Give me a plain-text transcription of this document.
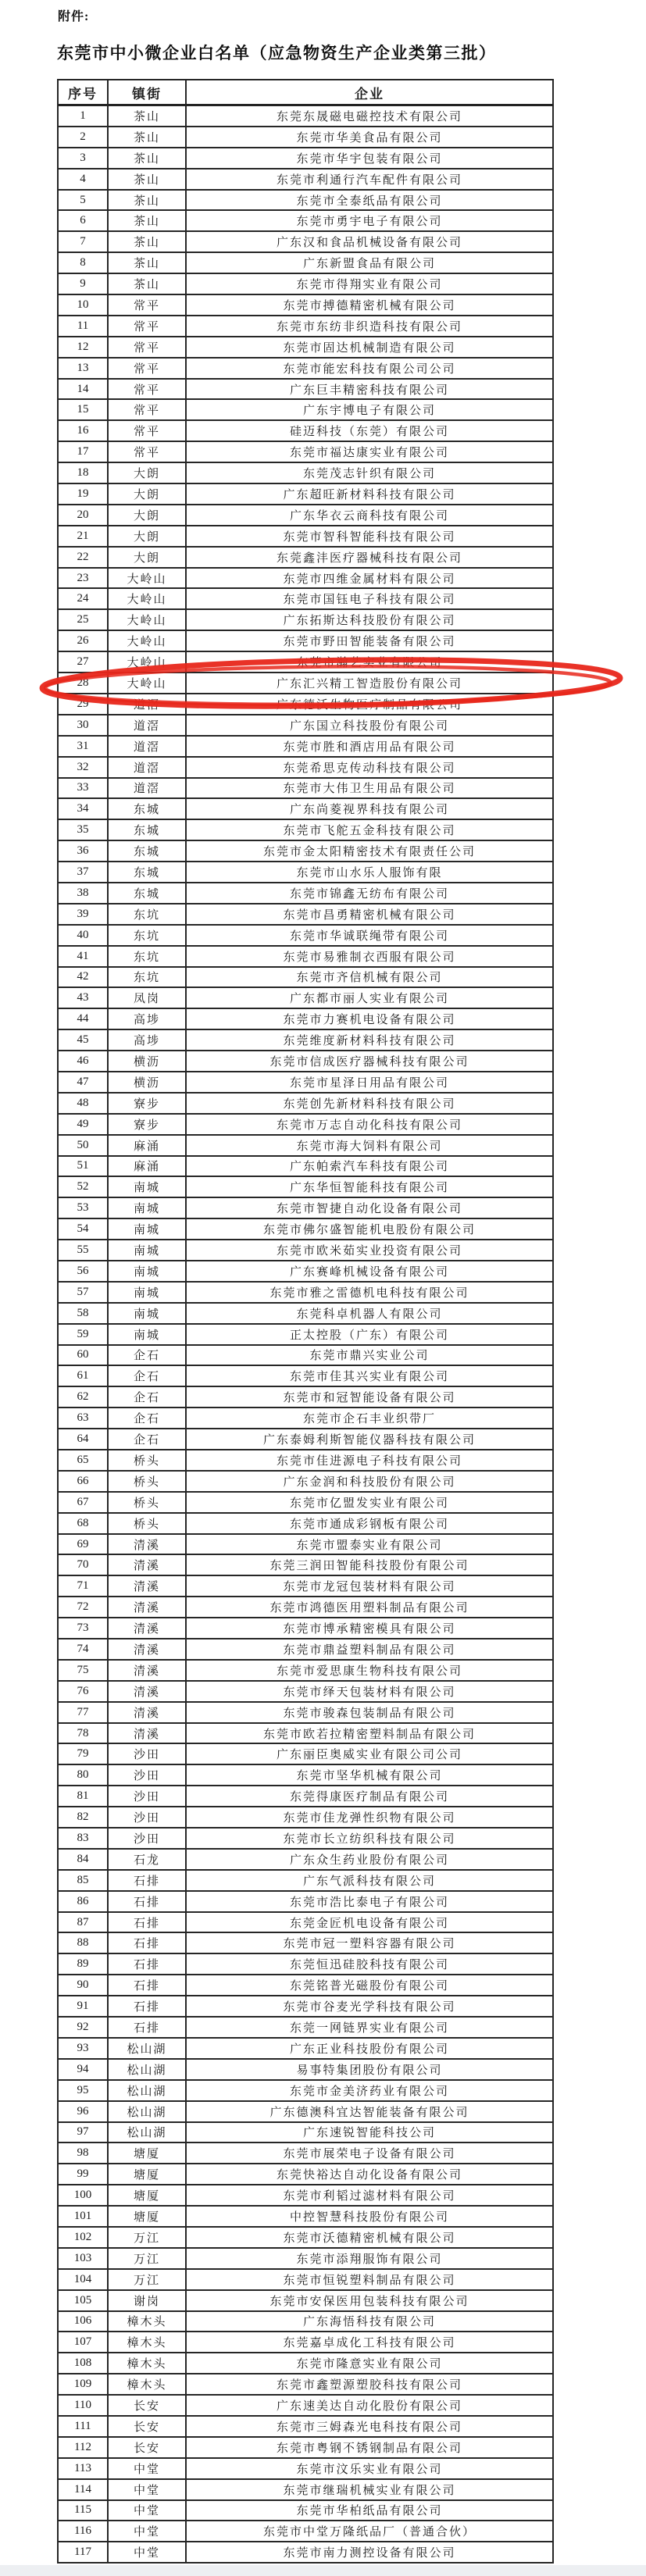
附件:
东莞市中小微企业白名单（应急物资生产企业类第三批）
序号	镇街	企业
1	茶山	东莞东晟磁电磁控技术有限公司
2	茶山	东莞市华美食品有限公司
3	茶山	东莞市华宇包装有限公司
4	茶山	东莞市利通行汽车配件有限公司
5	茶山	东莞市全泰纸品有限公司
6	茶山	东莞市勇宇电子有限公司
7	茶山	广东汉和食品机械设备有限公司
8	茶山	广东新盟食品有限公司
9	茶山	东莞市得翔实业有限公司
10	常平	东莞市搏德精密机械有限公司
11	常平	东莞市东纺非织造科技有限公司
12	常平	东莞市固达机械制造有限公司
13	常平	东莞市能宏科技有限公司公司
14	常平	广东巨丰精密科技有限公司
15	常平	广东宇博电子有限公司
16	常平	硅迈科技（东莞）有限公司
17	常平	东莞市福达康实业有限公司
18	大朗	东莞茂志针织有限公司
19	大朗	广东超旺新材料科技有限公司
20	大朗	广东华衣云商科技有限公司
21	大朗	东莞市智科智能科技有限公司
22	大朗	东莞鑫沣医疗器械科技有限公司
23	大岭山	东莞市四维金属材料有限公司
24	大岭山	东莞市国钰电子科技有限公司
25	大岭山	广东拓斯达科技股份有限公司
26	大岭山	东莞市野田智能装备有限公司
27	大岭山	东莞市瀚艺实业有限公司
28	大岭山	广东汇兴精工智造股份有限公司
29	道滘	广东德沃生物医疗制品有限公司
30	道滘	广东国立科技股份有限公司
31	道滘	东莞市胜和酒店用品有限公司
32	道滘	东莞希思克传动科技有限公司
33	道滘	东莞市大伟卫生用品有限公司
34	东城	广东尚菱视界科技有限公司
35	东城	东莞市飞舵五金科技有限公司
36	东城	东莞市金太阳精密技术有限责任公司
37	东城	东莞市山水乐人服饰有限
38	东城	东莞市锦鑫无纺布有限公司
39	东坑	东莞市昌勇精密机械有限公司
40	东坑	东莞市华诚联绳带有限公司
41	东坑	东莞市易雅制衣西服有限公司
42	东坑	东莞市齐信机械有限公司
43	凤岗	广东都市丽人实业有限公司
44	高埗	东莞市力赛机电设备有限公司
45	高埗	东莞维度新材料科技有限公司
46	横沥	东莞市信成医疗器械科技有限公司
47	横沥	东莞市星泽日用品有限公司
48	寮步	东莞创先新材料科技有限公司
49	寮步	东莞市万志自动化科技有限公司
50	麻涌	东莞市海大饲料有限公司
51	麻涌	广东帕索汽车科技有限公司
52	南城	广东华恒智能科技有限公司
53	南城	东莞市智捷自动化设备有限公司
54	南城	东莞市佛尔盛智能机电股份有限公司
55	南城	东莞市欧米茹实业投资有限公司
56	南城	广东赛峰机械设备有限公司
57	南城	东莞市雅之雷德机电科技有限公司
58	南城	东莞科卓机器人有限公司
59	南城	正太控股（广东）有限公司
60	企石	东莞市鼎兴实业公司
61	企石	东莞市佳其兴实业有限公司
62	企石	东莞市和冠智能设备有限公司
63	企石	东莞市企石丰业织带厂
64	企石	广东泰姆利斯智能仪器科技有限公司
65	桥头	东莞市佳进源电子科技有限公司
66	桥头	广东金润和科技股份有限公司
67	桥头	东莞市亿盟发实业有限公司
68	桥头	东莞市通成彩钢板有限公司
69	清溪	东莞市盟泰实业有限公司
70	清溪	东莞三润田智能科技股份有限公司
71	清溪	东莞市龙冠包装材料有限公司
72	清溪	东莞市鸿德医用塑料制品有限公司
73	清溪	东莞市博承精密模具有限公司
74	清溪	东莞市鼎益塑料制品有限公司
75	清溪	东莞市爱思康生物科技有限公司
76	清溪	东莞市绎天包装材料有限公司
77	清溪	东莞市骏森包装制品有限公司
78	清溪	东莞市欧若拉精密塑料制品有限公司
79	沙田	广东丽臣奥威实业有限公司公司
80	沙田	东莞市坚华机械有限公司
81	沙田	东莞得康医疗制品有限公司
82	沙田	东莞市佳龙弹性织物有限公司
83	沙田	东莞市长立纺织科技有限公司
84	石龙	广东众生药业股份有限公司
85	石排	广东气派科技有限公司
86	石排	东莞市浩比泰电子有限公司
87	石排	东莞金匠机电设备有限公司
88	石排	东莞市冠一塑料容器有限公司
89	石排	东莞恒迅硅胶科技有限公司
90	石排	东莞铭普光磁股份有限公司
91	石排	东莞市谷麦光学科技有限公司
92	石排	东莞一网链界实业有限公司
93	松山湖	广东正业科技股份有限公司
94	松山湖	易事特集团股份有限公司
95	松山湖	东莞市金美济药业有限公司
96	松山湖	广东德澳科宜达智能装备有限公司
97	松山湖	广东速锐智能科技公司
98	塘厦	东莞市展荣电子设备有限公司
99	塘厦	东莞快裕达自动化设备有限公司
100	塘厦	东莞市利韬过滤材料有限公司
101	塘厦	中控智慧科技股份有限公司
102	万江	东莞市沃德精密机械有限公司
103	万江	东莞市添翔服饰有限公司
104	万江	东莞市恒锐塑料制品有限公司
105	谢岗	东莞市安保医用包装科技有限公司
106	樟木头	广东海悟科技有限公司
107	樟木头	东莞嘉卓成化工科技有限公司
108	樟木头	东莞市隆意实业有限公司
109	樟木头	东莞市鑫塑源塑胶科技有限公司
110	长安	广东速美达自动化股份有限公司
111	长安	东莞市三姆森光电科技有限公司
112	长安	东莞市粤钢不锈钢制品有限公司
113	中堂	东莞市汶乐实业有限公司
114	中堂	东莞市继瑞机械实业有限公司
115	中堂	东莞市华柏纸品有限公司
116	中堂	东莞市中堂万隆纸品厂（普通合伙）
117	中堂	东莞市南力测控设备有限公司
